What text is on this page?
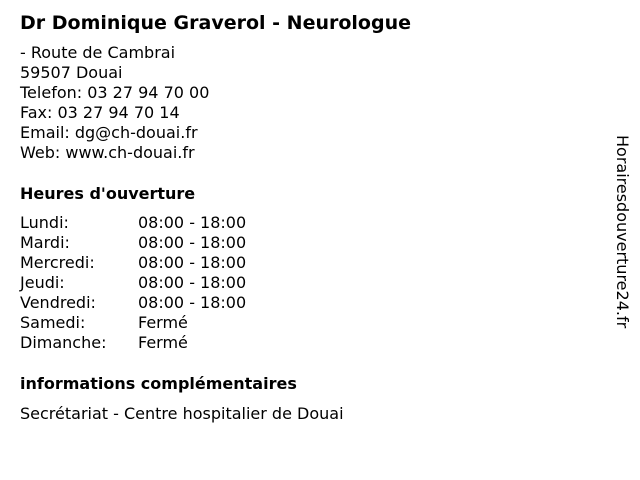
Dr Dominique Graverol - Neurologue
- Route de Cambrai
59507 Douai
Telefon: 03 27 94 70 00
Fax: 03 27 94 70 14
Email: dg@ch-douai.fr
Web: www.ch-douai.fr
Heures d'ouverture
Lundi:	08:00 - 18:00
Mardi:	08:00 - 18:00
Mercredi:	08:00 - 18:00
Jeudi:	08:00 - 18:00
Vendredi:	08:00 - 18:00
Samedi:	Fermé
Dimanche: Fermé
informations complémentaires
Secrétariat - Centre hospitalier de Douai
Horairesdouverture24.fr
